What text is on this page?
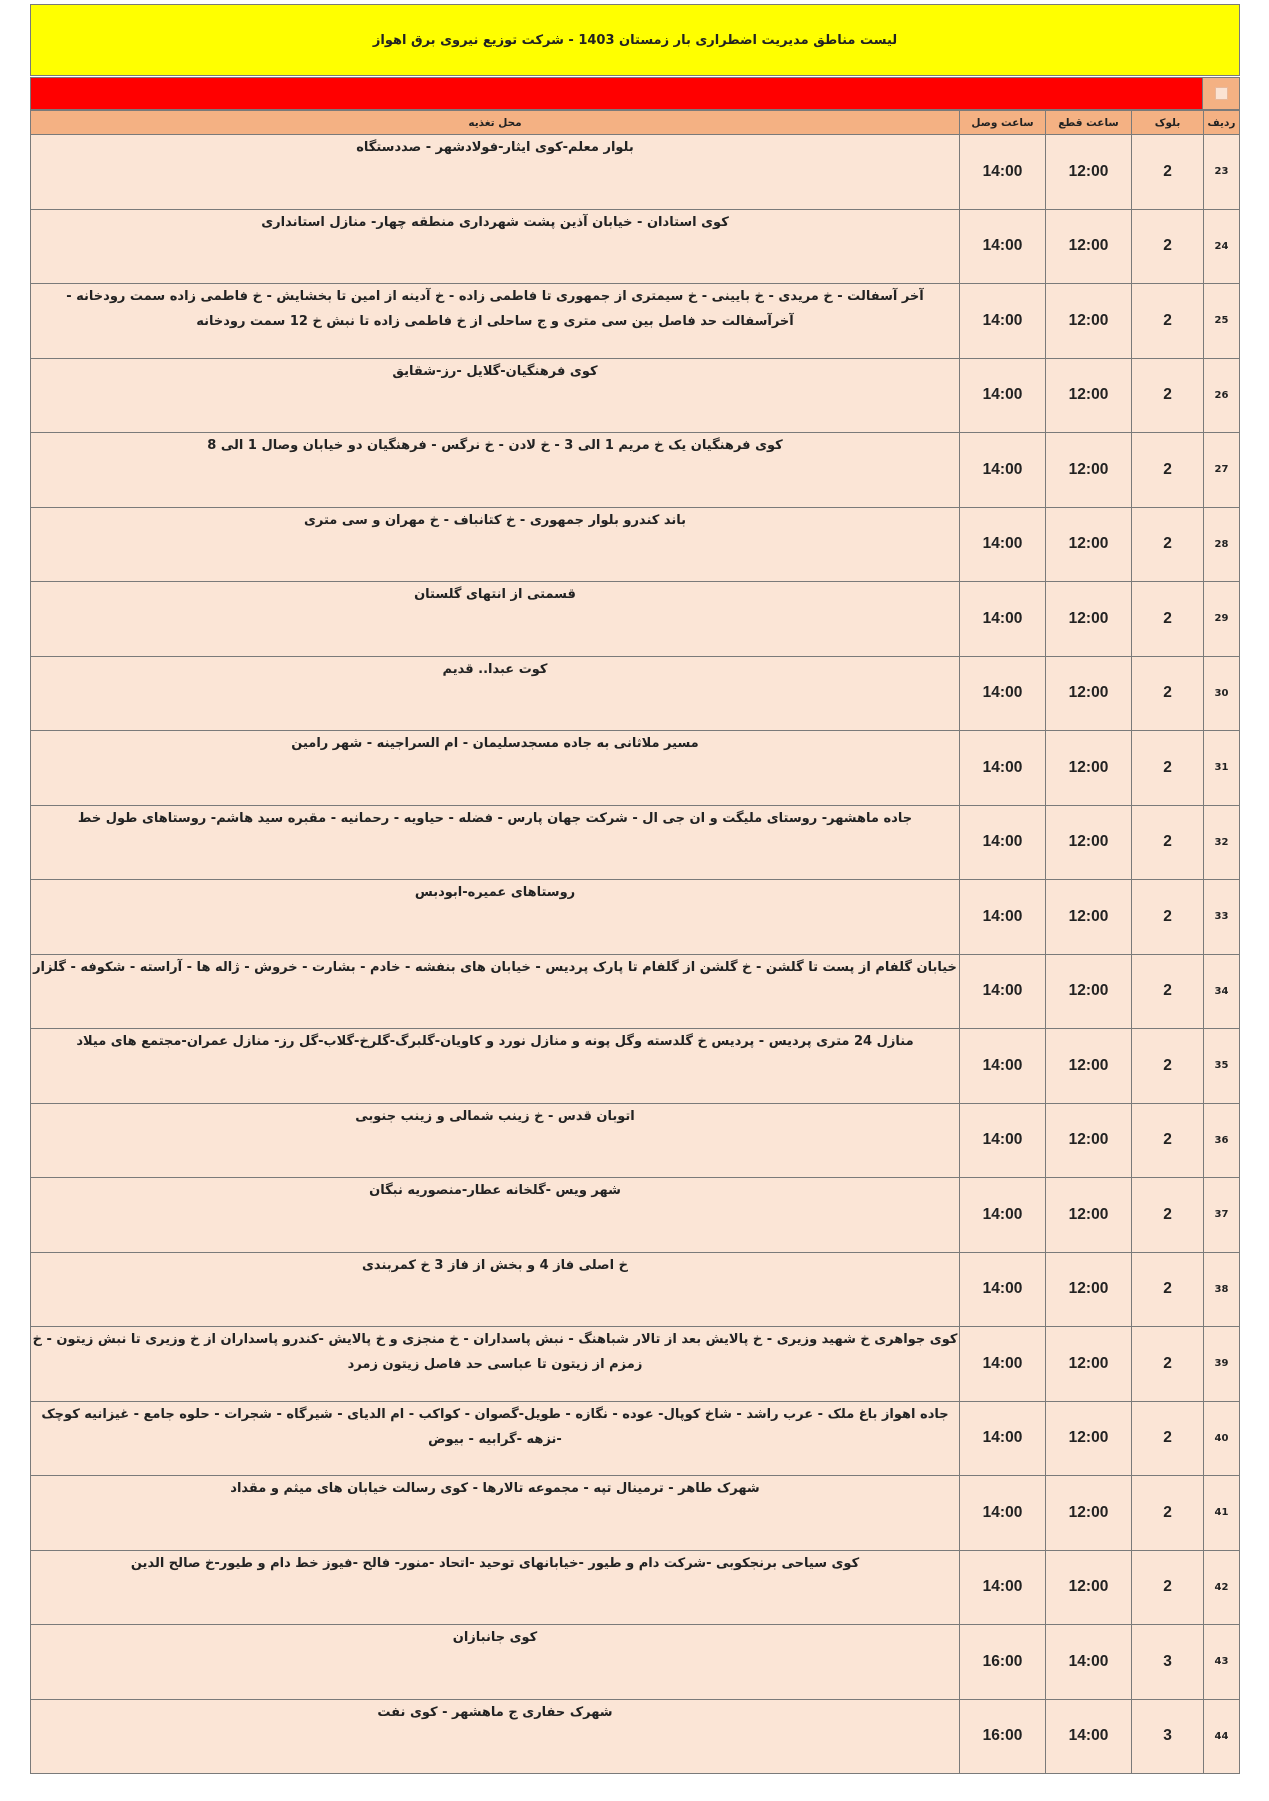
لیست مناطق مدیریت اضطراری بار زمستان 1403 - شرکت توزیع نیروی برق اهواز
ردیف	بلوک	ساعت قطع	ساعت وصل	محل تغذیه
23	2	12:00	14:00	بلوار معلم-کوی ایثار-فولادشهر - صددستگاه

24	2	12:00	14:00	کوی استادان - خیابان آذین پشت شهرداری منطقه چهار- منازل استانداری

25	2	12:00	14:00	آخر آسفالت - خ مریدی - خ بایینی - خ سیمتری از جمهوری تا فاطمی زاده - خ آدینه از امین تا بخشایش - خ فاطمی زاده سمت رودخانه - آخرآسفالت حد فاصل بین سی متری و ج ساحلی از خ فاطمی زاده تا نبش خ 12 سمت رودخانه

26	2	12:00	14:00	کوی فرهنگیان-گلایل -رز-شقایق

27	2	12:00	14:00	کوی فرهنگیان یک خ مریم 1 الی 3 - خ لادن - خ نرگس - فرهنگیان دو خیابان وصال 1 الی 8

28	2	12:00	14:00	باند کندرو بلوار جمهوری - خ کتانباف - خ مهران و سی متری

29	2	12:00	14:00	قسمتی از انتهای گلستان

30	2	12:00	14:00	کوت عبدا.. قدیم

31	2	12:00	14:00	مسیر ملاثانی به جاده مسجدسلیمان - ام السراجینه - شهر رامین

32	2	12:00	14:00	جاده ماهشهر- روستای ملیگت و ان جی ال - شرکت جهان پارس - فضله - حیاویه - رحمانیه - مقبره سید هاشم- روستاهای طول خط

33	2	12:00	14:00	روستاهای عمیره-ابودبس

34	2	12:00	14:00	خیابان گلفام از پست تا گلشن - خ گلشن از گلفام تا پارک پردیس - خیابان های بنفشه - خادم - بشارت - خروش - ژاله ها - آراسته - شکوفه - گلزار

35	2	12:00	14:00	منازل 24 متری پردیس - پردیس خ گلدسته وگل پونه و منازل نورد و کاویان-گلبرگ-گلرخ-گلاب-گل رز- منازل عمران-مجتمع های میلاد

36	2	12:00	14:00	اتوبان قدس - خ زینب شمالی و زینب جنوبی

37	2	12:00	14:00	شهر ویس -گلخانه عطار-منصوریه نبگان

38	2	12:00	14:00	خ اصلی فاز 4 و بخش از فاز 3 خ کمربندی

39	2	12:00	14:00	کوی جواهری خ شهید وزیری - خ پالایش بعد از تالار شباهنگ - نبش پاسداران - خ منجزی و خ پالایش -کندرو پاسداران از خ وزیری تا نبش زیتون - خ زمزم از زیتون تا عباسی حد فاصل زیتون زمرد

40	2	12:00	14:00	جاده اهواز باغ ملک - عرب راشد - شاخ کوپال- عوده - نگازه - طویل-گصوان - کواکب - ام الدیای - شیرگاه - شجرات - حلوه جامع - غیزانیه کوچک -نزهه -گرابیه - بیوض

41	2	12:00	14:00	شهرک طاهر - ترمینال تپه - مجموعه تالارها - کوی رسالت خیابان های میثم و مقداد

42	2	12:00	14:00	کوی سیاحی برنجکوبی -شرکت دام و طیور -خیابانهای توحید -اتحاد -منور- فالح -فیوز خط دام و طیور-خ صالح الدین

43	3	14:00	16:00	کوی جانبازان

44	3	14:00	16:00	شهرک حفاری ج ماهشهر - کوی نفت
